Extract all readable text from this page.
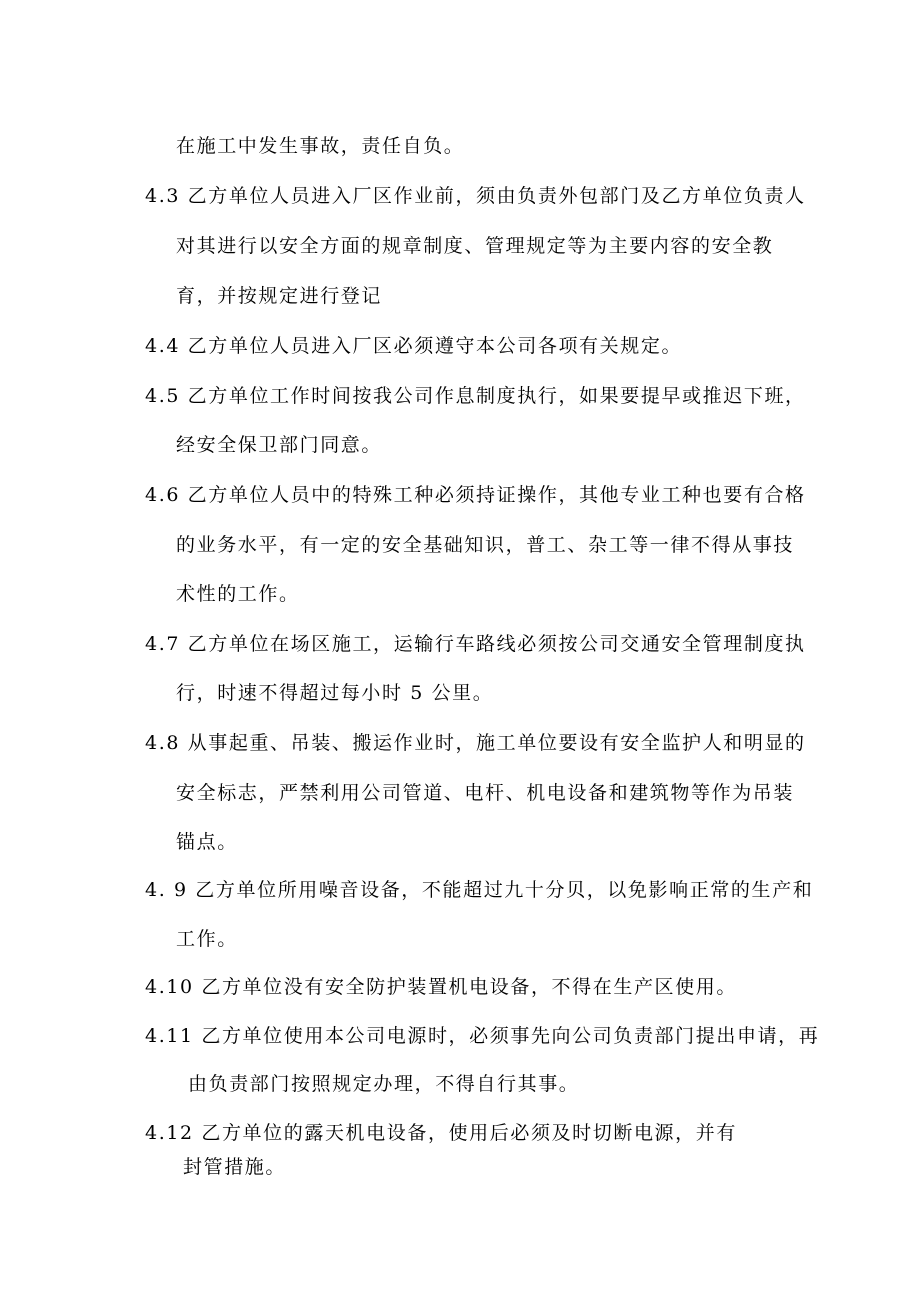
在施工中发生事故，责任自负。
4.3 乙方单位人员进入厂区作业前，须由负责外包部门及乙方单位负责人
对其进行以安全方面的规章制度、管理规定等为主要内容的安全教
育，并按规定进行登记
4.4 乙方单位人员进入厂区必须遵守本公司各项有关规定。
4.5 乙方单位工作时间按我公司作息制度执行，如果要提早或推迟下班，
经安全保卫部门同意。
4.6 乙方单位人员中的特殊工种必须持证操作，其他专业工种也要有合格
的业务水平，有一定的安全基础知识，普工、杂工等一律不得从事技
术性的工作。
4.7 乙方单位在场区施工，运输行车路线必须按公司交通安全管理制度执
行，时速不得超过每小时 5 公里。
4.8 从事起重、吊装、搬运作业时，施工单位要设有安全监护人和明显的
安全标志，严禁利用公司管道、电杆、机电设备和建筑物等作为吊装
锚点。
4. 9 乙方单位所用噪音设备，不能超过九十分贝，以免影响正常的生产和
工作。
4.10 乙方单位没有安全防护装置机电设备，不得在生产区使用。
4.11 乙方单位使用本公司电源时，必须事先向公司负责部门提出申请，再
由负责部门按照规定办理，不得自行其事。
4.12 乙方单位的露天机电设备，使用后必须及时切断电源，并有
封管措施。
